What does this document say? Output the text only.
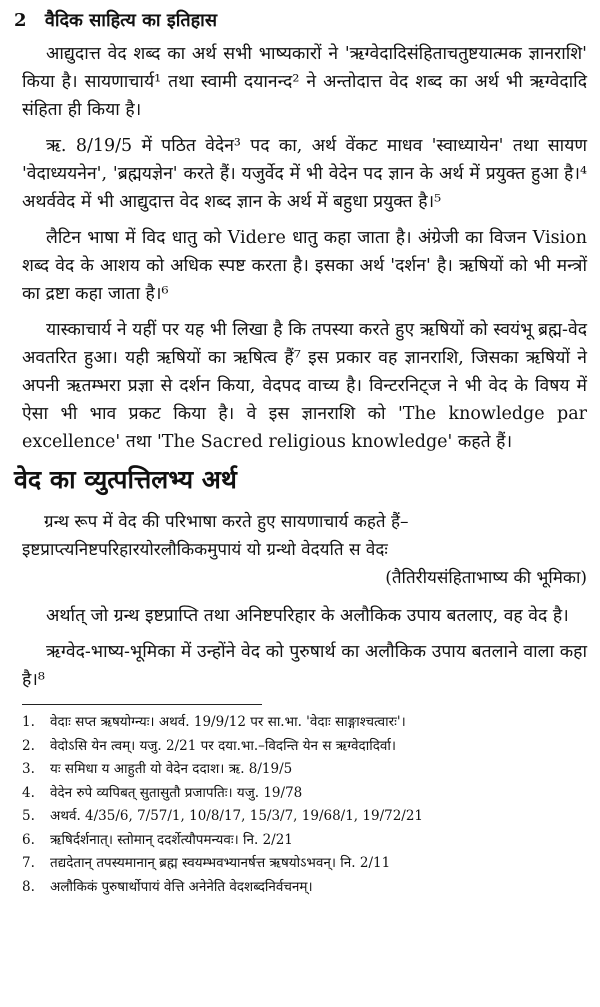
2 वैदिक साहित्य का इतिहास

आद्युदात्त वेद शब्द का अर्थ सभी भाष्यकारों ने 'ऋग्वेदादिसंहिताचतुष्टयात्मक ज्ञानराशि' किया है। सायणाचार्य¹ तथा स्वामी दयानन्द² ने अन्तोदात्त वेद शब्द का अर्थ भी ऋग्वेदादि संहिता ही किया है।

ऋ. 8/19/5 में पठित वेदेन³ पद का, अर्थ वेंकट माधव 'स्वाध्यायेन' तथा सायण 'वेदाध्ययनेन', 'ब्रह्मयज्ञेन' करते हैं। यजुर्वेद में भी वेदेन पद ज्ञान के अर्थ में प्रयुक्त हुआ है।⁴ अथर्ववेद में भी आद्युदात्त वेद शब्द ज्ञान के अर्थ में बहुधा प्रयुक्त है।⁵

लैटिन भाषा में विद धातु को Videre धातु कहा जाता है। अंग्रेजी का विजन Vision शब्द वेद के आशय को अधिक स्पष्ट करता है। इसका अर्थ 'दर्शन' है। ऋषियों को भी मन्त्रों का द्रष्टा कहा जाता है।⁶

यास्काचार्य ने यहीं पर यह भी लिखा है कि तपस्या करते हुए ऋषियों को स्वयंभू ब्रह्म-वेद अवतरित हुआ। यही ऋषियों का ऋषित्व हैं⁷ इस प्रकार वह ज्ञानराशि, जिसका ऋषियों ने अपनी ऋतम्भरा प्रज्ञा से दर्शन किया, वेदपद वाच्य है। विन्टरनिट्ज ने भी वेद के विषय में ऐसा भी भाव प्रकट किया है। वे इस ज्ञानराशि को 'The knowledge par excellence' तथा 'The Sacred religious knowledge' कहते हैं।

वेद का व्युत्पत्तिलभ्य अर्थ

ग्रन्थ रूप में वेद की परिभाषा करते हुए सायणाचार्य कहते हैं–

इष्टप्राप्त्यनिष्टपरिहारयोरलौकिकमुपायं यो ग्रन्थो वेदयति स वेदः

(तैतिरीयसंहिताभाष्य की भूमिका)

अर्थात् जो ग्रन्थ इष्टप्राप्ति तथा अनिष्टपरिहार के अलौकिक उपाय बतलाए, वह वेद है।

ऋग्वेद-भाष्य-भूमिका में उन्होंने वेद को पुरुषार्थ का अलौकिक उपाय बतलाने वाला कहा है।⁸

1.	वेदाः सप्त ऋषयोग्न्यः। अथर्व. 19/9/12 पर सा.भा. 'वेदाः साङ्गाश्चत्वारः'।
2.	वेदोऽसि येन त्वम्। यजु. 2/21 पर दया.भा.–विदन्ति येन स ऋग्वेदादिर्वा।
3.	यः समिधा य आहुती यो वेदेन ददाश। ऋ. 8/19/5
4.	वेदेन रुपे व्यपिबत् सुतासुतौ प्रजापतिः। यजु. 19/78
5.	अथर्व. 4/35/6, 7/57/1, 10/8/17, 15/3/7, 19/68/1, 19/72/21
6.	ऋषिर्दर्शनात्। स्तोमान् ददर्शेत्यौपमन्यवः। नि. 2/21
7.	तद्यदेतान् तपस्यमानान् ब्रह्म स्वयम्भवभ्यानर्षत्त ऋषयोऽभवन्। नि. 2/11
8.	अलौकिकं पुरुषार्थोपायं वेत्ति अनेनेति वेदशब्दनिर्वचनम्।
